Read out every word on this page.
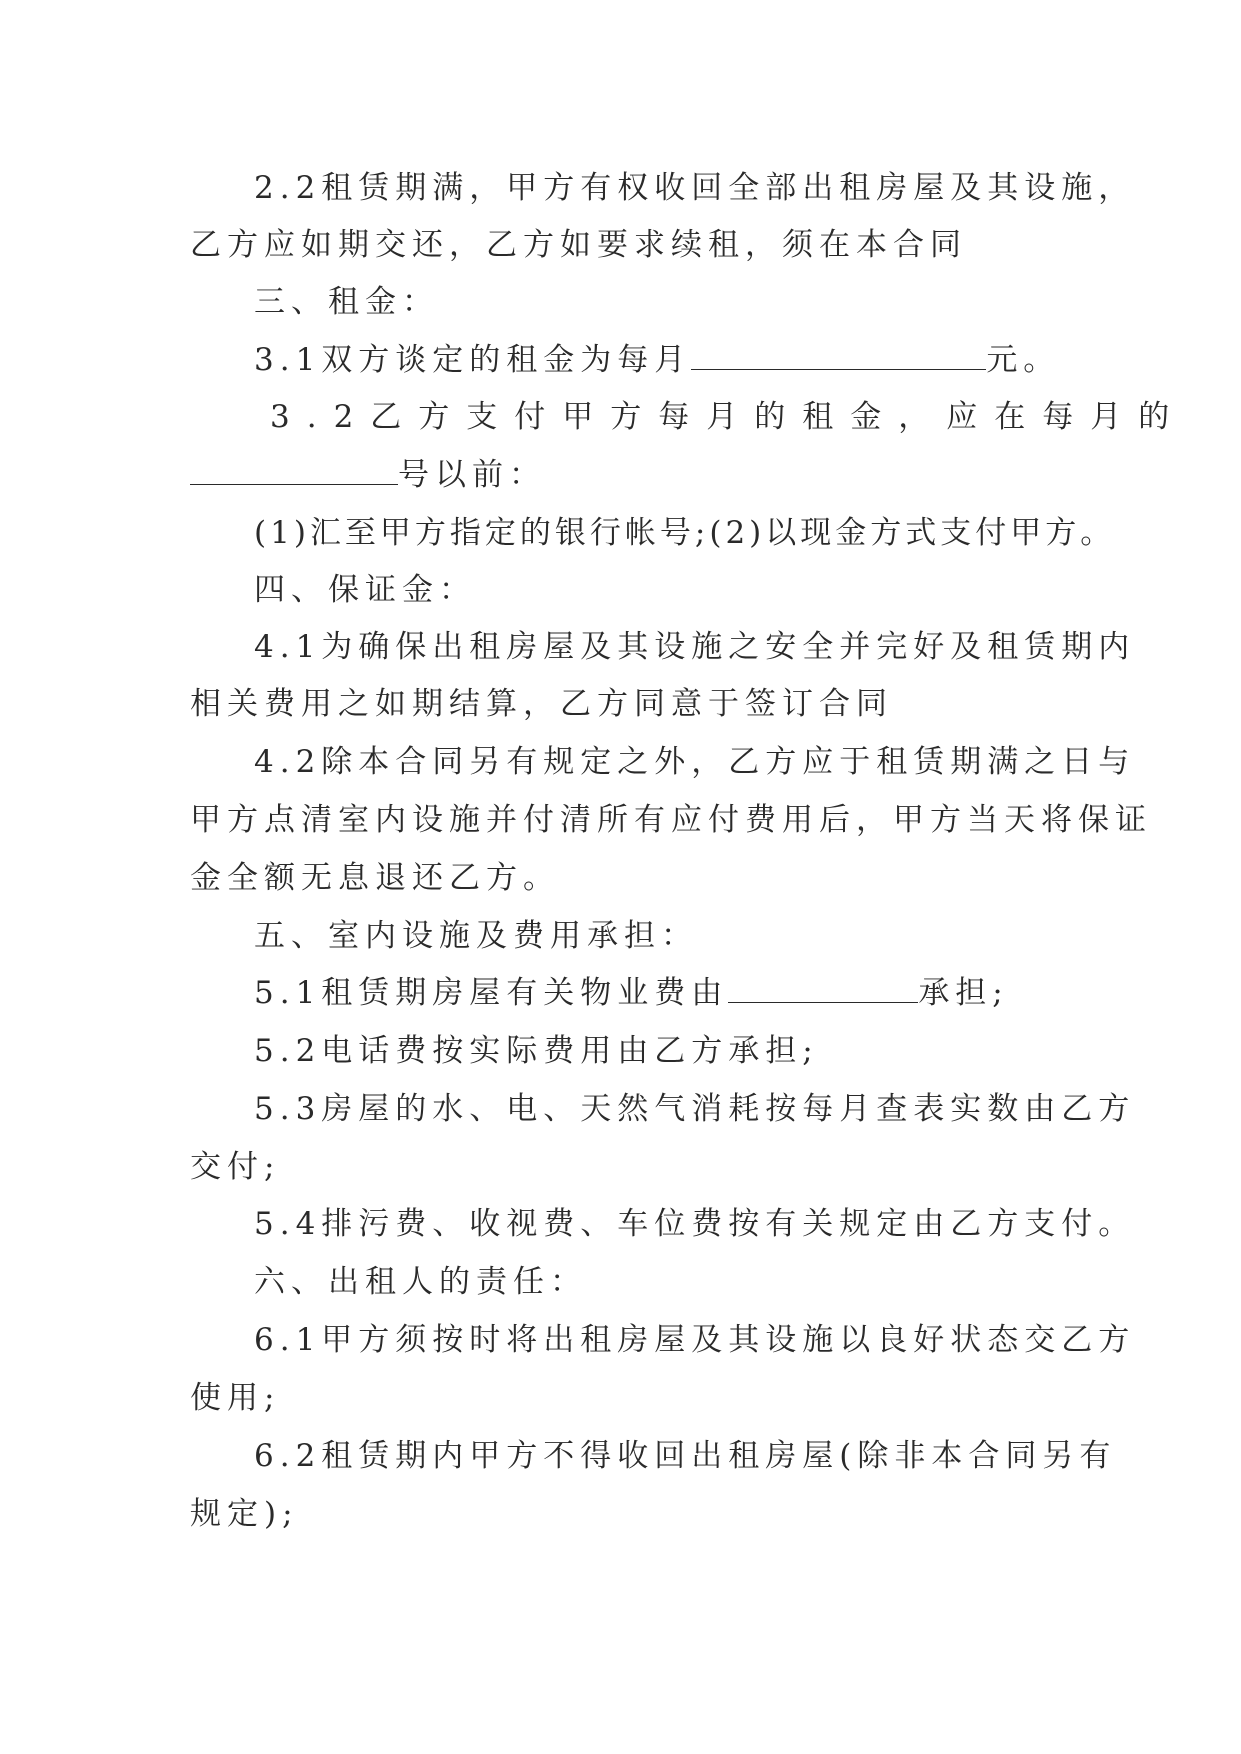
2.2租赁期满，甲方有权收回全部出租房屋及其设施，
乙方应如期交还，乙方如要求续租，须在本合同
三、租金：
3.1双方谈定的租金为每月	元。
3.2乙方支付甲方每月的租金，应在每月的
号以前：
(1)汇至甲方指定的银行帐号;(2)以现金方式支付甲方。
四、保证金：
4.1为确保出租房屋及其设施之安全并完好及租赁期内
相关费用之如期结算，乙方同意于签订合同
4.2除本合同另有规定之外，乙方应于租赁期满之日与
甲方点清室内设施并付清所有应付费用后，甲方当天将保证
金全额无息退还乙方。
五、室内设施及费用承担：
5.1租赁期房屋有关物业费由	承担;
5.2电话费按实际费用由乙方承担;
5.3房屋的水、电、天然气消耗按每月查表实数由乙方
交付;
5.4排污费、收视费、车位费按有关规定由乙方支付。
六、出租人的责任：
6.1甲方须按时将出租房屋及其设施以良好状态交乙方
使用;
6.2租赁期内甲方不得收回出租房屋(除非本合同另有
规定);
